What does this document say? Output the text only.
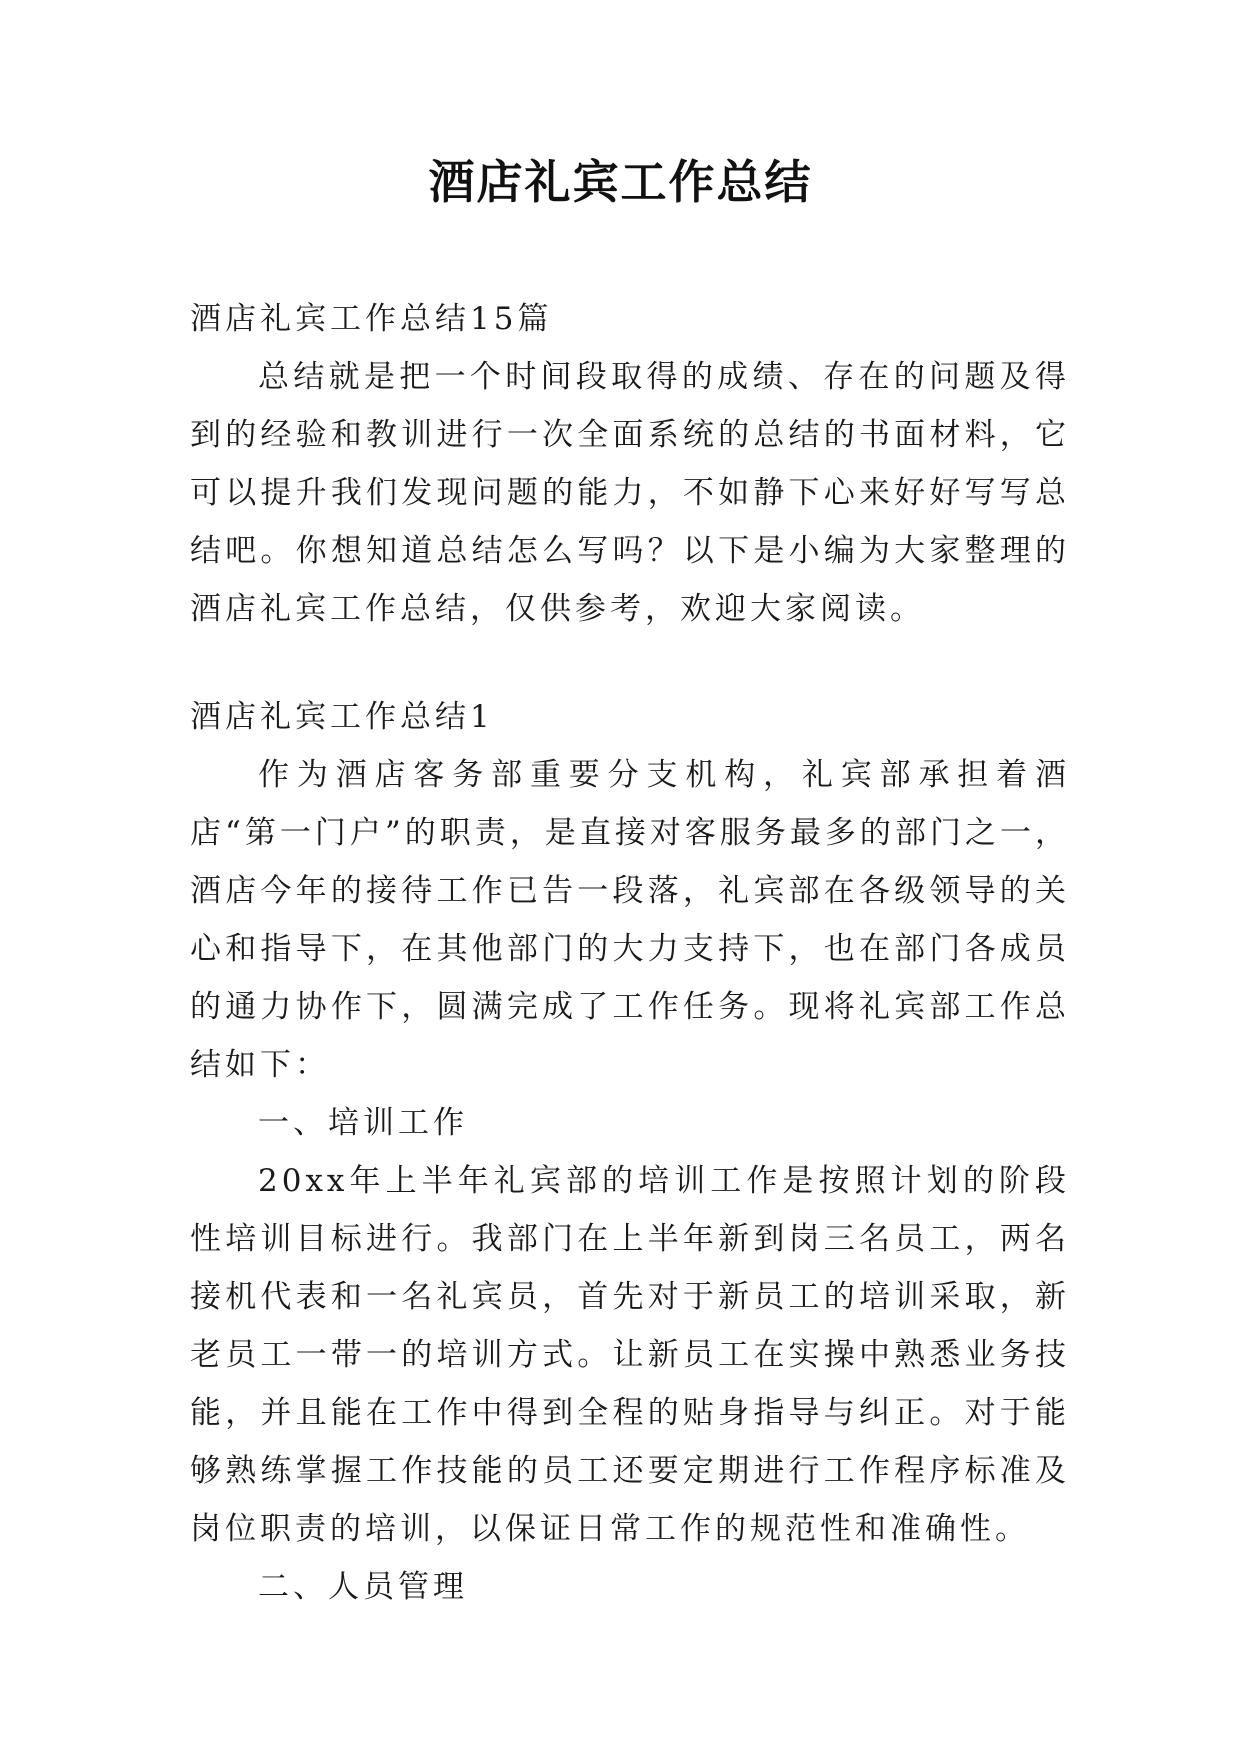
酒店礼宾工作总结

酒店礼宾工作总结15篇

总结就是把一个时间段取得的成绩、存在的问题及得到的经验和教训进行一次全面系统的总结的书面材料，它可以提升我们发现问题的能力，不如静下心来好好写写总结吧。你想知道总结怎么写吗？以下是小编为大家整理的酒店礼宾工作总结，仅供参考，欢迎大家阅读。

酒店礼宾工作总结1

作为酒店客务部重要分支机构，礼宾部承担着酒店“第一门户”的职责，是直接对客服务最多的部门之一，酒店今年的接待工作已告一段落，礼宾部在各级领导的关心和指导下，在其他部门的大力支持下，也在部门各成员的通力协作下，圆满完成了工作任务。现将礼宾部工作总结如下：

一、培训工作

20xx年上半年礼宾部的培训工作是按照计划的阶段性培训目标进行。我部门在上半年新到岗三名员工，两名接机代表和一名礼宾员，首先对于新员工的培训采取，新老员工一带一的培训方式。让新员工在实操中熟悉业务技能，并且能在工作中得到全程的贴身指导与纠正。对于能够熟练掌握工作技能的员工还要定期进行工作程序标准及岗位职责的培训，以保证日常工作的规范性和准确性。

二、人员管理
